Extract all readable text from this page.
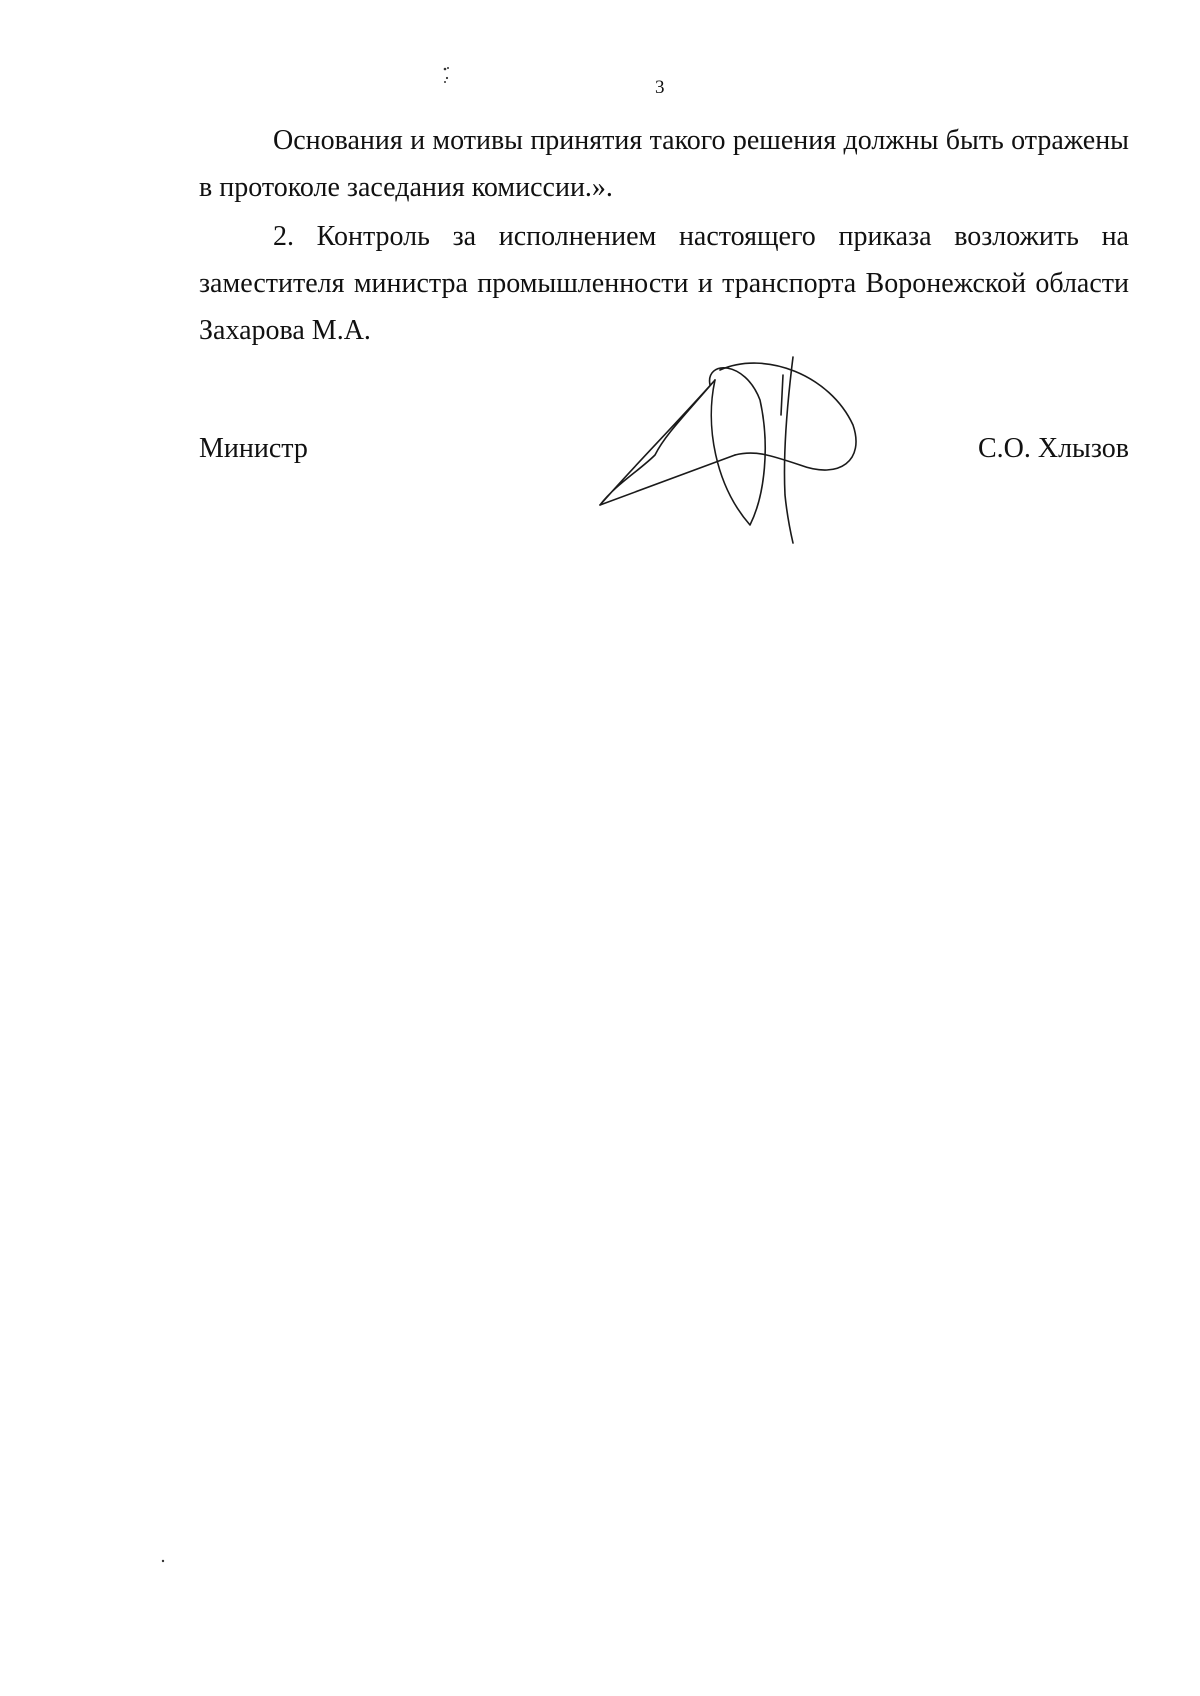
3

Основания и мотивы принятия такого решения должны быть отражены в протоколе заседания комиссии.».

2. Контроль за исполнением настоящего приказа возложить на заместителя министра промышленности и транспорта Воронежской области Захарова М.А.

Министр	С.О. Хлызов
